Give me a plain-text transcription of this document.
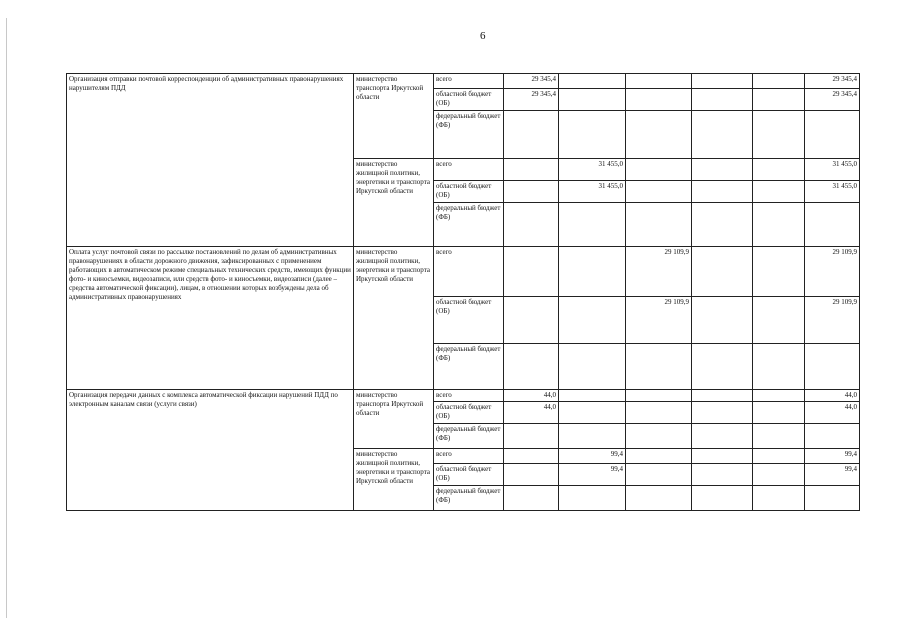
6
Организация отправки почтовой корреспонденции об административных правонарушениях нарушителям ПДД	министерство транспорта Иркутской области	всего	29 345,4					29 345,4
		областной бюджет (ОБ)	29 345,4					29 345,4
		федеральный бюджет (ФБ)						
	министерство жилищной политики, энергетики и транспорта Иркутской области	всего		31 455,0				31 455,0
		областной бюджет (ОБ)		31 455,0				31 455,0
		федеральный бюджет (ФБ)						
Оплата услуг почтовой связи по рассылке постановлений по делам об административных правонарушениях в области дорожного движения, зафиксированных с применением работающих в автоматическом режиме специальных технических средств, имеющих функции фото- и киносъемки, видеозаписи, или средств фото- и киносъемки, видеозаписи (далее – средства автоматической фиксации), лицам, в отношении которых возбуждены дела об административных правонарушениях	министерство жилищной политики, энергетики и транспорта Иркутской области	всего			29 109,9			29 109,9
		областной бюджет (ОБ)			29 109,9			29 109,9
		федеральный бюджет (ФБ)						
Организация передачи данных с комплекса автоматической фиксации нарушений ПДД по электронным каналам связи (услуги связи)	министерство транспорта Иркутской области	всего	44,0					44,0
		областной бюджет (ОБ)	44,0					44,0
		федеральный бюджет (ФБ)						
	министерство жилищной политики, энергетики и транспорта Иркутской области	всего		99,4				99,4
		областной бюджет (ОБ)		99,4				99,4
		федеральный бюджет (ФБ)						
